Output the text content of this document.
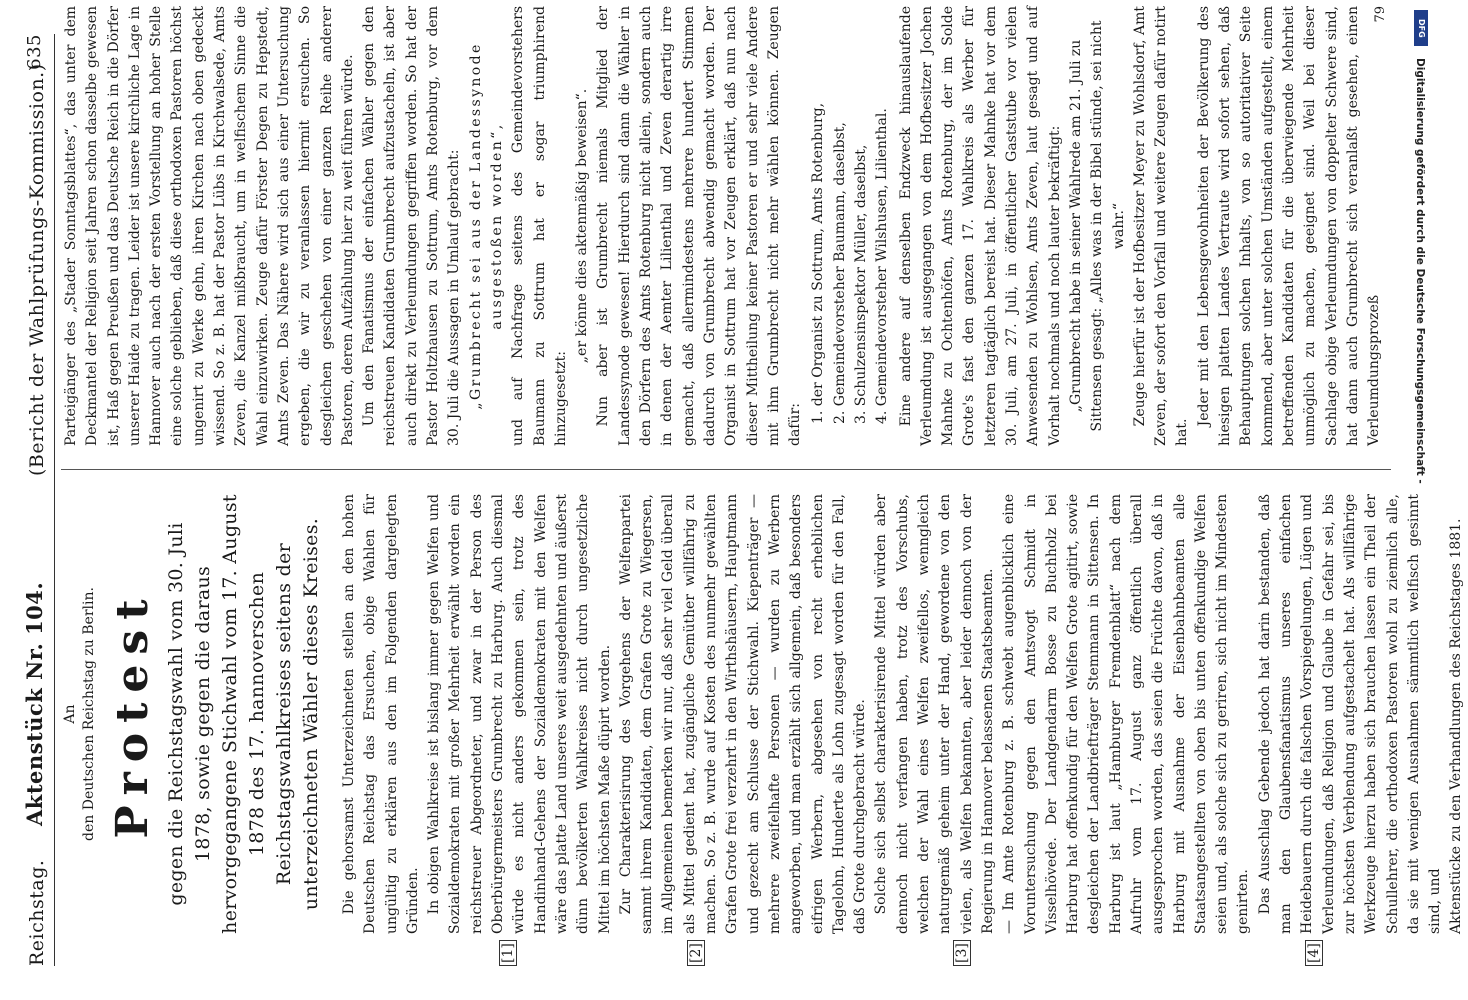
Reichstag.
Aktenstück Nr. 104.
(Bericht der Wahlprüfungs-Kommission.)
635
[1]	[2]	[3]	[4]
An den Deutschen Reichstag zu Berlin. Protest gegen die Reichstagswahl vom 30. Juli 1878, sowie gegen die daraus hervorgegangene Stichwahl vom 17. August 1878 des 17. hannoverschen Reichstagswahlkreises seitens der unterzeichneten Wähler dieses Kreises. Die gehorsamst Unterzeichneten stellen an den hohen Deutschen Reichstag das Ersuchen, obige Wahlen für ungültig zu erklären aus den im Folgenden dargelegten Gründen. In obigen Wahlkreise ist bislang immer gegen Welfen und Sozialdemokraten mit großer Mehrheit erwählt worden ein reichstreuer Abgeordneter, und zwar in der Person des Oberbürgermeisters Grumbrecht zu Harburg. Auch diesmal würde es nicht anders gekommen sein, trotz des Handinhand-Gehens der Sozialdemokraten mit den Welfen wäre das platte Land unseres weit ausgedehnten und äußerst dünn bevölkerten Wahlkreises nicht durch ungesetzliche Mittel im höchsten Maße düpirt worden. Zur Charakterisirung des Vorgehens der Welfenpartei sammt ihrem Kandidaten, dem Grafen Grote zu Wiegersen, im Allgemeinen bemerken wir nur, daß sehr viel Geld überall als Mittel gedient hat, zugängliche Gemüther willfährig zu machen. So z. B. wurde auf Kosten des nunmehr gewählten Grafen Grote frei verzehrt in den Wirthshäusern, Hauptmann und gezecht am Schlusse der Stichwahl. Kiepenträger — mehrere zweifelhafte Personen — wurden zu Werbern angeworben, und man erzählt sich allgemein, daß besonders eifrigen Werbern, abgesehen von recht erheblichen Tagelohn, Hunderte als Lohn zugesagt worden für den Fall, daß Grote durchgebracht würde. Solche sich selbst charakterisirende Mittel würden aber dennoch nicht verfangen haben, trotz des Vorschubs, welchen der Wahl eines Welfen zweifellos, wenngleich naturgemäß geheim unter der Hand, gewordene von den vielen, als Welfen bekannten, aber leider dennoch von der Regierung in Hannover belassenen Staatsbeamten. — Im Amte Rotenburg z. B. schwebt augenblicklich eine Voruntersuchung gegen den Amtsvogt Schmidt in Visselhövede. Der Landgendarm Bosse zu Buchholz bei Harburg hat offenkundig für den Welfen Grote agitirt, sowie desgleichen der Landbriefträger Stemmann in Sittensen. In Harburg ist laut „Hamburger Fremdenblatt“ nach dem Aufruhr vom 17. August ganz öffentlich überall ausgesprochen worden, das seien die Früchte davon, daß in Harburg mit Ausnahme der Eisenbahnbeamten alle Staatsangestellten von oben bis unten offenkundige Welfen seien und, als solche sich zu geriren, sich nicht im Mindesten genirten. Das Ausschlag Gebende jedoch hat darin bestanden, daß man den Glaubensfanatismus unseres einfachen Heidebauern durch die falschen Vorspiegelungen, Lügen und Verleumdungen, daß Religion und Glaube in Gefahr sei, bis zur höchsten Verblendung aufgestachelt hat. Als willfährige Werkzeuge hierzu haben sich brauchen lassen ein Theil der Schullehrer, die orthodoxen Pastoren wohl zu ziemlich alle, da sie mit wenigen Ausnahmen sämmtlich welfisch gesinnt sind, und Aktenstücke zu den Verhandlungen des Reichstages 1881.

Parteigänger des „Stader Sonntagsblattes“, das unter dem Deckmantel der Religion seit Jahren schon dasselbe gewesen ist, Haß gegen Preußen und das Deutsche Reich in die Dörfer unserer Haide zu tragen. Leider ist unsere kirchliche Lage in Hannover auch nach der ersten Vorstellung an hoher Stelle eine solche geblieben, daß diese orthodoxen Pastoren höchst ungenirt zu Werke gehn, ihren Kirchen nach oben gedeckt wissend. So z. B. hat der Pastor Lübs in Kirchwalsede, Amts Zeven, die Kanzel mißbraucht, um in welfischem Sinne die Wahl einzuwirken. Zeuge dafür Förster Degen zu Hepstedt, Amts Zeven. Das Nähere wird sich aus einer Untersuchung ergeben, die wir zu veranlassen hiermit ersuchen. So desgleichen geschehen von einer ganzen Reihe anderer Pastoren, deren Aufzählung hier zu weit führen würde. Um den Fanatismus der einfachen Wähler gegen den reichstreuen Kandidaten Grumbrecht aufzustacheln, ist aber auch direkt zu Verleumdungen gegriffen worden. So hat der Pastor Holtzhausen zu Sottrum, Amts Rotenburg, vor dem 30. Juli die Aussagen in Umlauf gebracht: „Grumbrecht sei aus der Landessynode ausgestoßen worden“, und auf Nachfrage seitens des Gemeindevorstehers Baumann zu Sottrum hat er sogar triumphirend hinzugesetzt:

„er könne dies aktenmäßig beweisen“. Nun aber ist Grumbrecht niemals Mitglied der Landessynode gewesen! Hierdurch sind dann die Wähler in den Dörfern des Amts Rotenburg nicht allein, sondern auch in denen der Aemter Lilienthal und Zeven derartig irre gemacht, daß allermindestens mehrere hundert Stimmen dadurch von Grumbrecht abwendig gemacht worden. Der Organist in Sottrum hat vor Zeugen erklärt, daß nun nach dieser Mittheilung keiner Pastoren er und sehr viele Andere mit ihm Grumbrecht nicht mehr wählen können. Zeugen dafür:

1. der Organist zu Sottrum, Amts Rotenburg, 2. Gemeindevorsteher Baumann, daselbst, 3. Schulzensinspektor Müller, daselbst, 4. Gemeindevorsteher Wilshusen, Lilienthal. Eine andere auf denselben Endzweck hinauslaufende Verleumdung ist ausgegangen von dem Hofbesitzer Jochen Mahnke zu Ochtenhöfen, Amts Rotenburg, der im Solde Grote's fast den ganzen 17. Wahlkreis als Werber für letzteren tagtäglich bereist hat. Dieser Mahnke hat vor dem 30. Juli, am 27. Juli, in öffentlicher Gaststube vor vielen Anwesenden zu Wohlsen, Amts Zeven, laut gesagt und auf Vorhalt nochmals und noch lauter bekräftigt: „Grumbrecht habe in seiner Wahlrede am 21. Juli zu Sittensen gesagt: „Alles was in der Bibel stünde, sei nicht wahr.“ Zeuge hierfür ist der Hofbesitzer Meyer zu Wohlsdorf, Amt Zeven, der sofort den Vorfall und weitere Zeugen dafür notirt hat.

Jeder mit den Lebensgewohnheiten der Bevölkerung des hiesigen platten Landes Vertraute wird sofort sehen, daß Behauptungen solchen Inhalts, von so autoritativer Seite kommend, aber unter solchen Umständen aufgestellt, einem betreffenden Kandidaten für die überwiegende Mehrheit unmöglich zu machen, geeignet sind. Weil bei dieser Sachlage obige Verleumdungen von doppelter Schwere sind, hat dann auch Grumbrecht sich veranlaßt gesehen, einen Verleumdungsprozeß

79
DFG
Digitalisierung gefördert durch die Deutsche Forschungsgemeinschaft -
